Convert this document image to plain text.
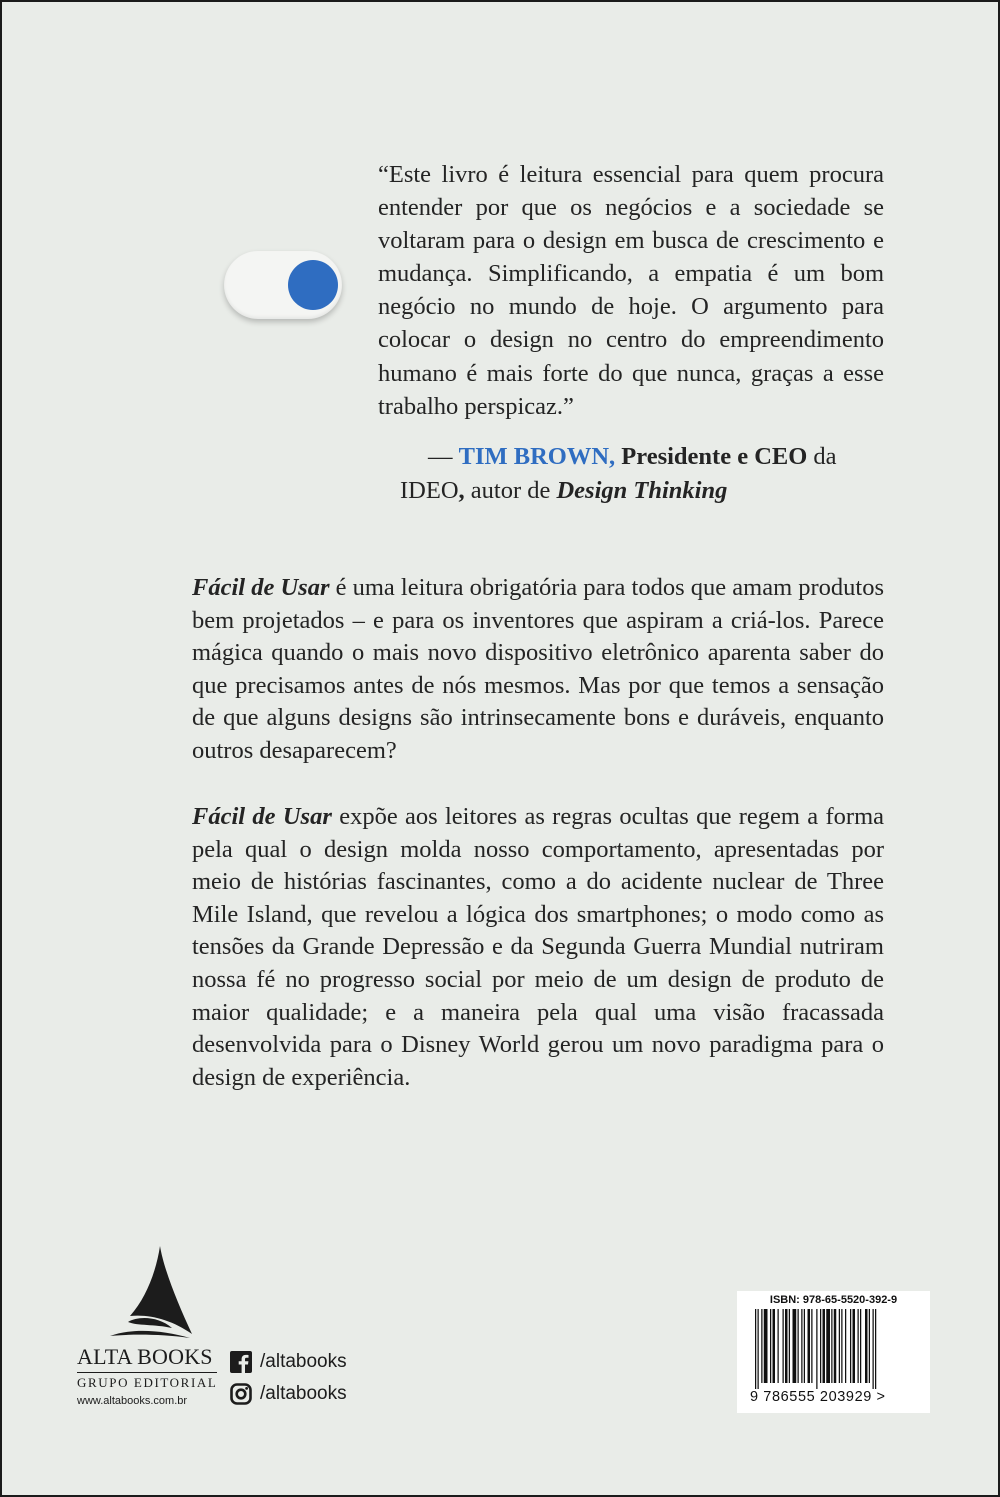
“Este livro é leitura essencial para quem procura entender por que os negócios e a sociedade se voltaram para o design em busca de crescimento e mudança. Simplificando, a empatia é um bom negócio no mundo de hoje. O argumento para colocar o design no centro do empreendimento humano é mais forte do que nunca, graças a esse trabalho perspicaz.”

— TIM BROWN, Presidente e CEO da
IDEO, autor de Design Thinking

Fácil de Usar é uma leitura obrigatória para todos que amam produtos bem projetados – e para os inventores que aspiram a criá-los. Parece mágica quando o mais novo dispositivo eletrônico aparenta saber do que precisamos antes de nós mesmos. Mas por que temos a sensação de que alguns designs são intrinsecamente bons e duráveis, enquanto outros desaparecem?

Fácil de Usar expõe aos leitores as regras ocultas que regem a forma pela qual o design molda nosso comportamento, apresentadas por meio de histórias fascinantes, como a do acidente nuclear de Three Mile Island, que revelou a lógica dos smartphones; o modo como as tensões da Grande Depressão e da Segunda Guerra Mundial nutriram nossa fé no progresso social por meio de um design de produto de maior qualidade; e a maneira pela qual uma visão fracassada desenvolvida para o Disney World gerou um novo paradigma para o design de experiência.

ALTA BOOKS
GRUPO EDITORIAL
www.altabooks.com.br
/altabooks
/altabooks
ISBN: 978-65-5520-392-9
9 786555 203929 >
